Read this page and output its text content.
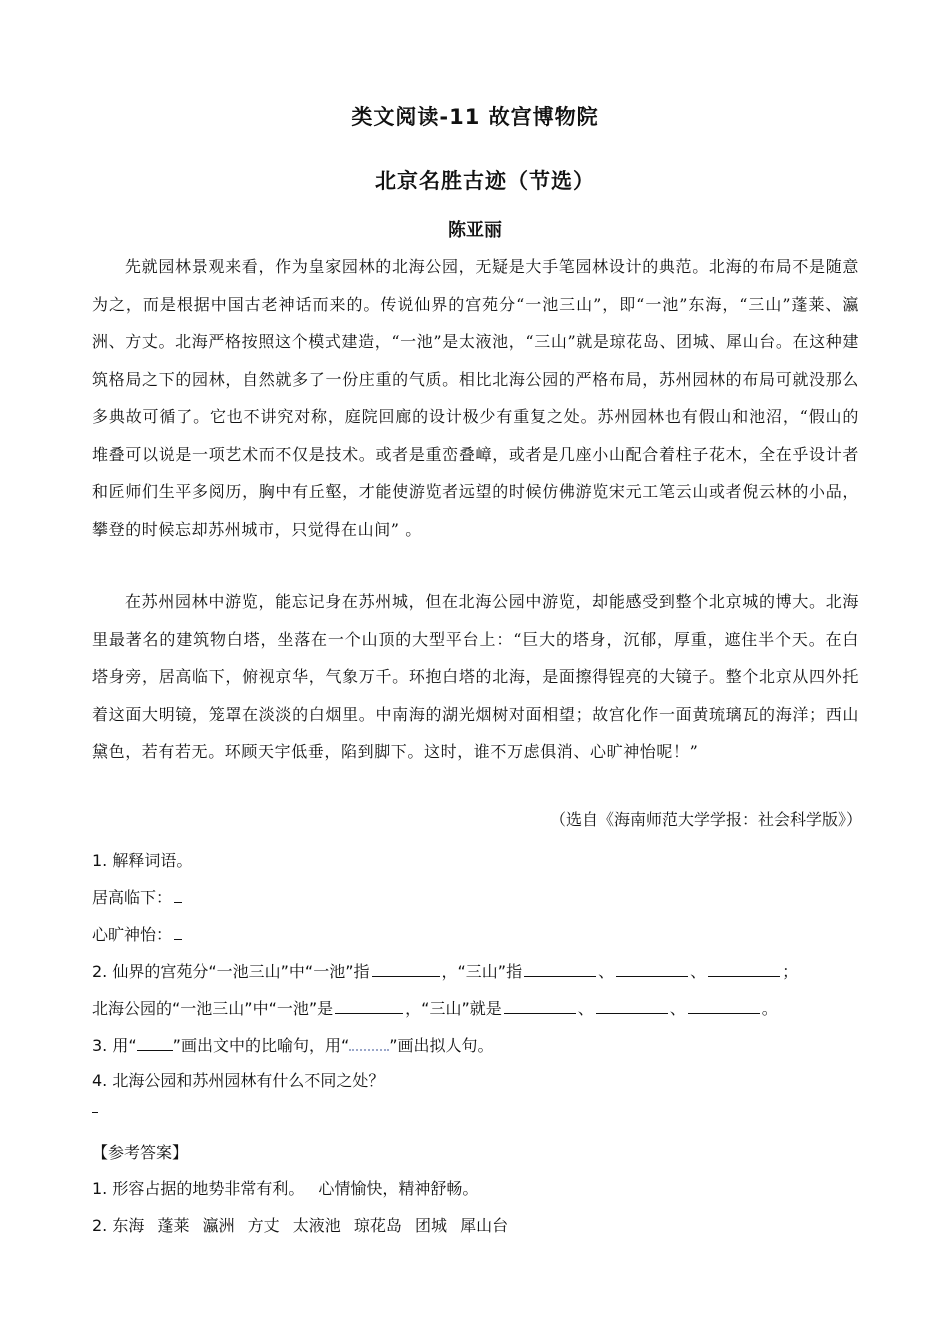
类文阅读-11 故宫博物院
北京名胜古迹（节选）
陈亚丽

先就园林景观来看，作为皇家园林的北海公园，无疑是大手笔园林设计的典范。北海的布局不是随意为之，而是根据中国古老神话而来的。传说仙界的宫苑分“一池三山”，即“一池”东海，“三山”蓬莱、瀛洲、方丈。北海严格按照这个模式建造，“一池”是太液池，“三山”就是琼花岛、团城、犀山台。在这种建筑格局之下的园林，自然就多了一份庄重的气质。相比北海公园的严格布局，苏州园林的布局可就没那么多典故可循了。它也不讲究对称，庭院回廊的设计极少有重复之处。苏州园林也有假山和池沼，“假山的堆叠可以说是一项艺术而不仅是技术。或者是重峦叠嶂，或者是几座小山配合着柱子花木，全在乎设计者和匠师们生平多阅历，胸中有丘壑，才能使游览者远望的时候仿佛游览宋元工笔云山或者倪云林的小品，攀登的时候忘却苏州城市，只觉得在山间” 。

在苏州园林中游览，能忘记身在苏州城，但在北海公园中游览，却能感受到整个北京城的博大。北海里最著名的建筑物白塔，坐落在一个山顶的大型平台上：“巨大的塔身，沉郁，厚重，遮住半个天。在白塔身旁，居高临下，俯视京华，气象万千。环抱白塔的北海，是面擦得锃亮的大镜子。整个北京从四外托着这面大明镜，笼罩在淡淡的白烟里。中南海的湖光烟树对面相望；故宫化作一面黄琉璃瓦的海洋；西山黛色，若有若无。环顾天宇低垂，陷到脚下。这时，谁不万虑俱消、心旷神怡呢！”

（选自《海南师范大学学报：社会科学版》）
1. 解释词语。
居高临下：
心旷神怡：
2. 仙界的宫苑分“一池三山”中“一池”指	，“三山”指	、	、	；
北海公园的“一池三山”中“一池”是	，“三山”就是	、	、	。
3. 用“ ”画出文中的比喻句，用“	”画出拟人句。
4. 北海公园和苏州园林有什么不同之处？
【参考答案】
1. 形容占据的地势非常有利。 心情愉快，精神舒畅。
2. 东海 蓬莱 瀛洲 方丈 太液池 琼花岛 团城 犀山台
